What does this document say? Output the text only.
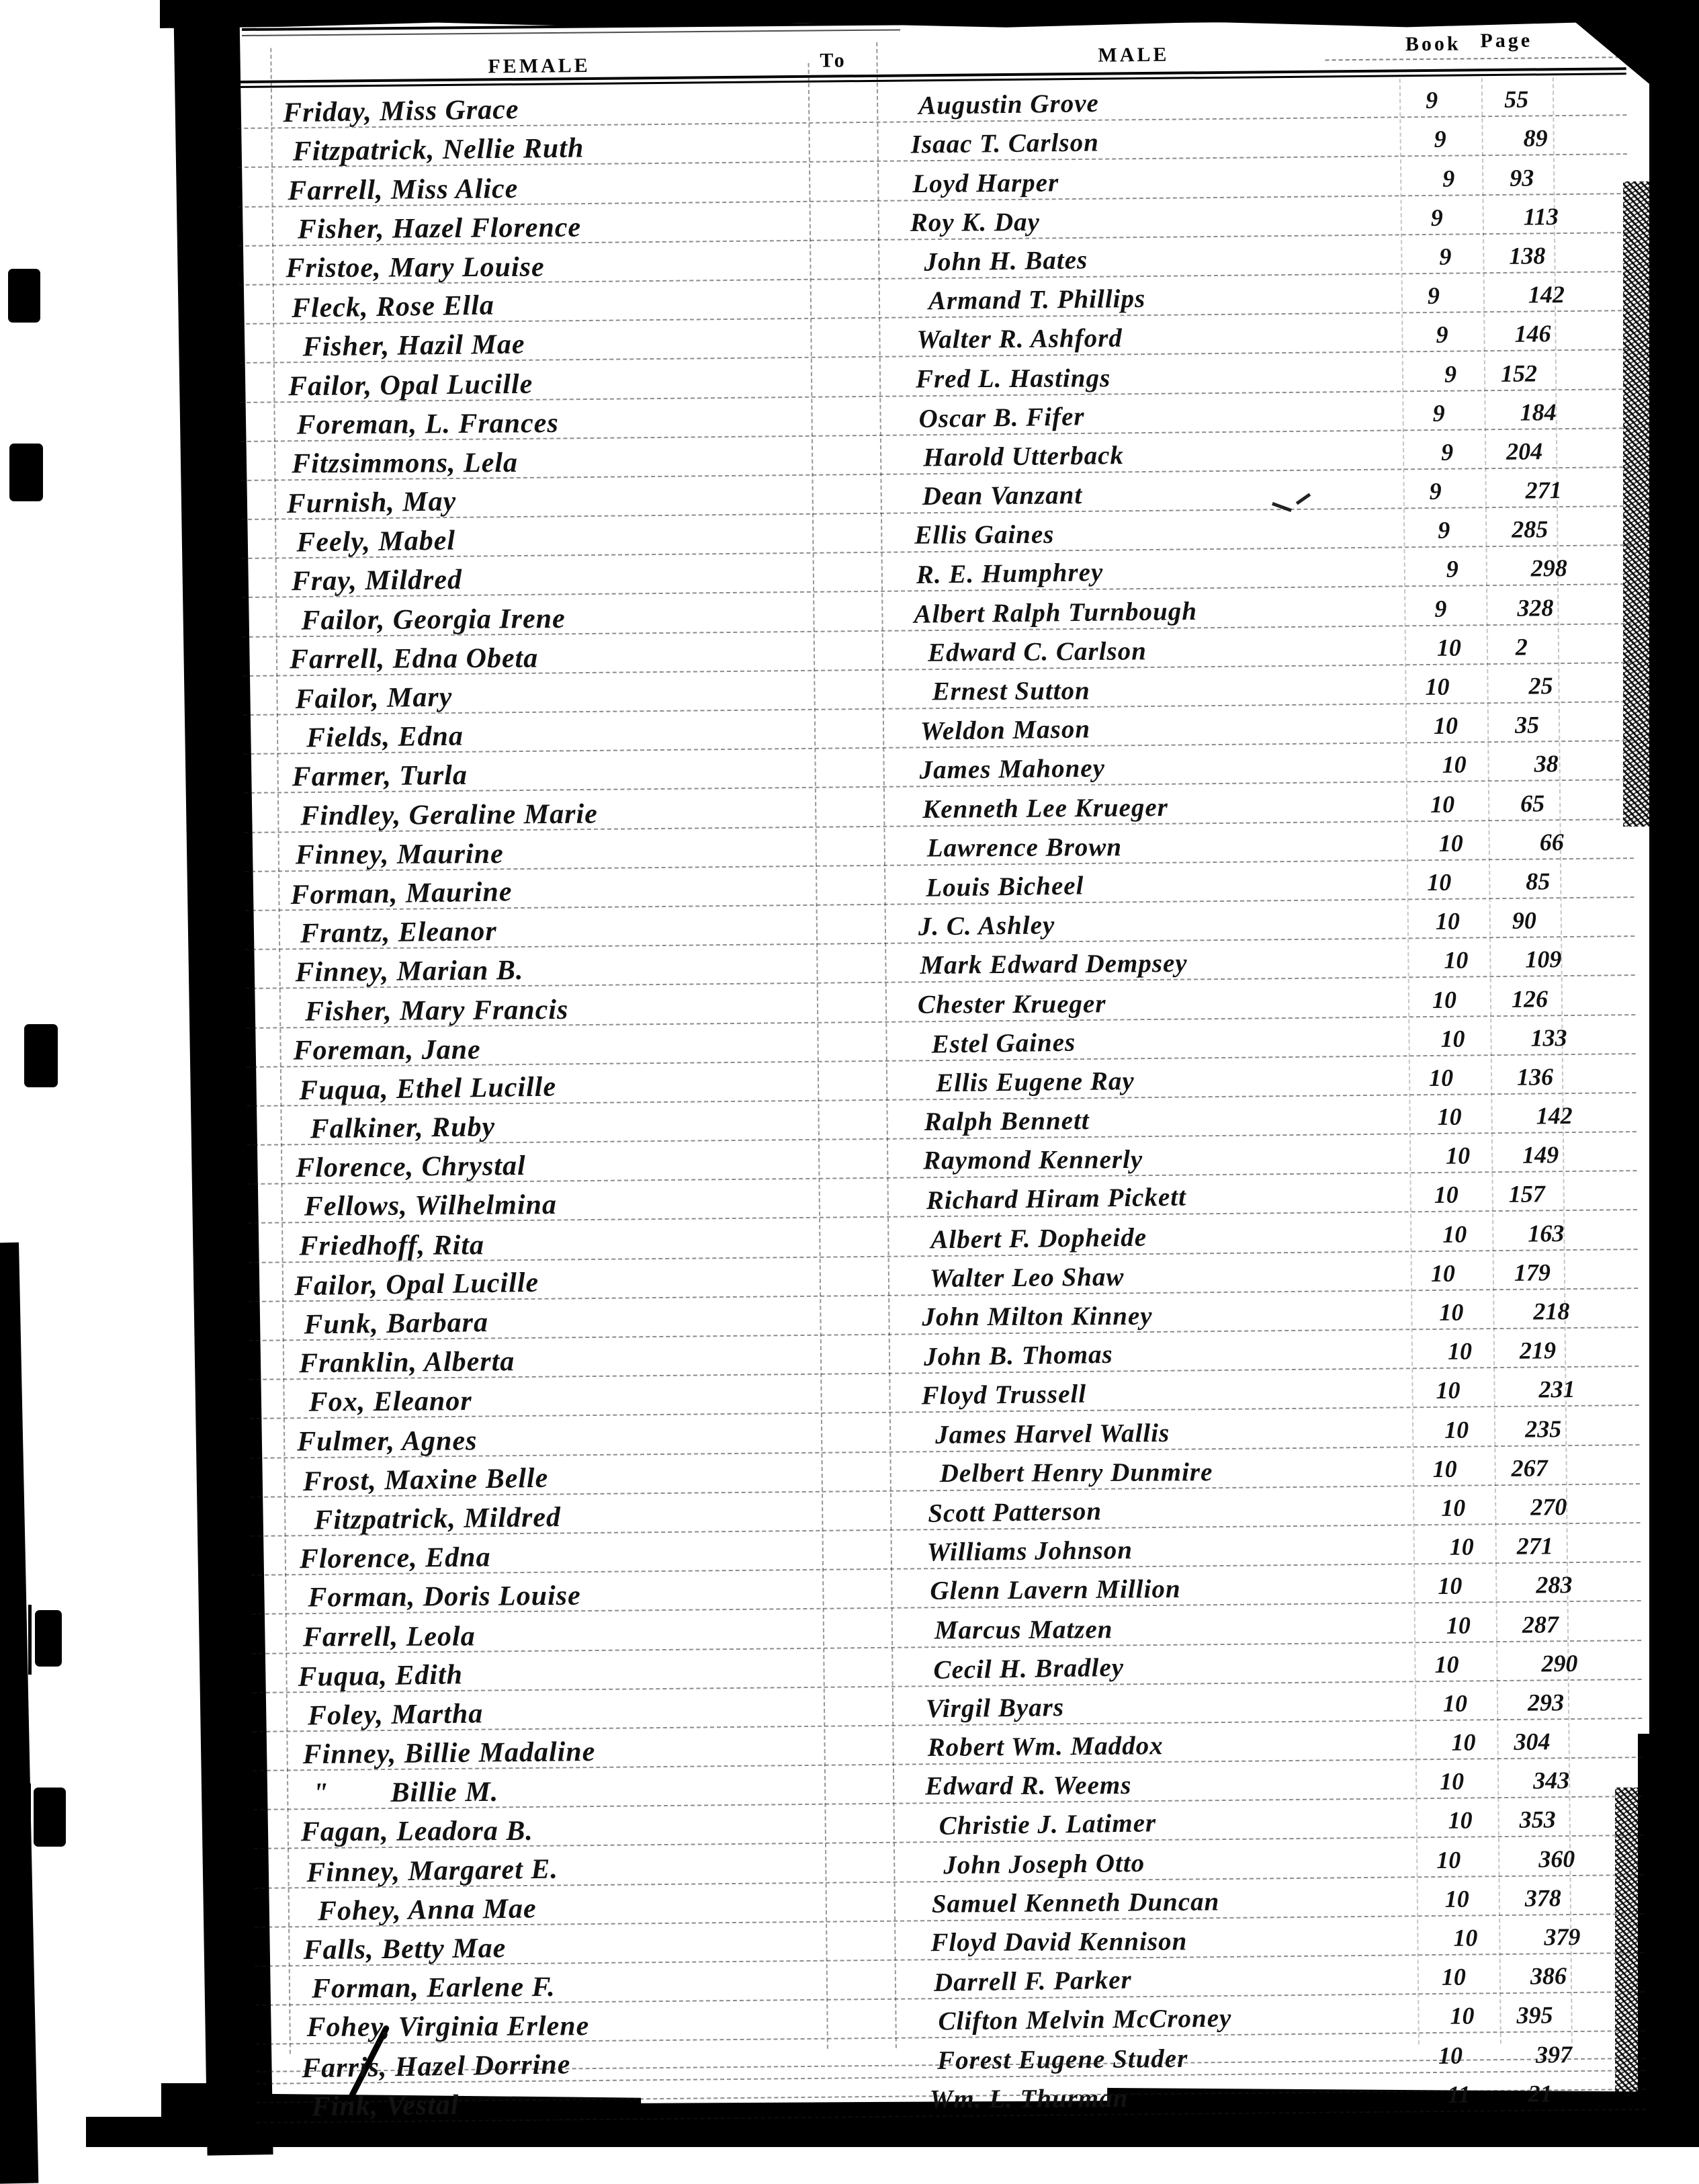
FEMALE	To	MALE	Book Page
Friday, Miss Grace	Augustin Grove	9	55
Fitzpatrick, Nellie Ruth	Isaac T. Carlson	9	89
Farrell, Miss Alice	Loyd Harper	9	93
Fisher, Hazel Florence	Roy K. Day	9	113
Fristoe, Mary Louise	John H. Bates	9	138
Fleck, Rose Ella	Armand T. Phillips	9	142
Fisher, Hazil Mae	Walter R. Ashford	9	146
Failor, Opal Lucille	Fred L. Hastings	9	152
Foreman, L. Frances	Oscar B. Fifer	9	184
Fitzsimmons, Lela	Harold Utterback	9	204
Furnish, May	Dean Vanzant	9	271
Feely, Mabel	Ellis Gaines	9	285
Fray, Mildred	R. E. Humphrey	9	298
Failor, Georgia Irene	Albert Ralph Turnbough	9	328
Farrell, Edna Obeta	Edward C. Carlson	10	2
Failor, Mary	Ernest Sutton	10	25
Fields, Edna	Weldon Mason	10	35
Farmer, Turla	James Mahoney	10	38
Findley, Geraline Marie	Kenneth Lee Krueger	10	65
Finney, Maurine	Lawrence Brown	10	66
Forman, Maurine	Louis Bicheel	10	85
Frantz, Eleanor	J. C. Ashley	10	90
Finney, Marian B.	Mark Edward Dempsey	10	109
Fisher, Mary Francis	Chester Krueger	10	126
Foreman, Jane	Estel Gaines	10	133
Fuqua, Ethel Lucille	Ellis Eugene Ray	10	136
Falkiner, Ruby	Ralph Bennett	10	142
Florence, Chrystal	Raymond Kennerly	10	149
Fellows, Wilhelmina	Richard Hiram Pickett	10	157
Friedhoff, Rita	Albert F. Dopheide	10	163
Failor, Opal Lucille	Walter Leo Shaw	10	179
Funk, Barbara	John Milton Kinney	10	218
Franklin, Alberta	John B. Thomas	10	219
Fox, Eleanor	Floyd Trussell	10	231
Fulmer, Agnes	James Harvel Wallis	10	235
Frost, Maxine Belle	Delbert Henry Dunmire	10	267
Fitzpatrick, Mildred	Scott Patterson	10	270
Florence, Edna	Williams Johnson	10	271
Forman, Doris Louise	Glenn Lavern Million	10	283
Farrell, Leola	Marcus Matzen	10	287
Fuqua, Edith	Cecil H. Bradley	10	290
Foley, Martha	Virgil Byars	10	293
Finney, Billie Madaline	Robert Wm. Maddox	10	304
"        Billie M.	Edward R. Weems	10	343
Fagan, Leadora B.	Christie J. Latimer	10	353
Finney, Margaret E.	John Joseph Otto	10	360
Fohey, Anna Mae	Samuel Kenneth Duncan	10	378
Falls, Betty Mae	Floyd David Kennison	10	379
Forman, Earlene F.	Darrell F. Parker	10	386
Fohey, Virginia Erlene	Clifton Melvin McCroney	10	395
Farris, Hazel Dorrine	Forest Eugene Studer	10	397
Fink, Vestal	Wm. L. Thurman	11	21
